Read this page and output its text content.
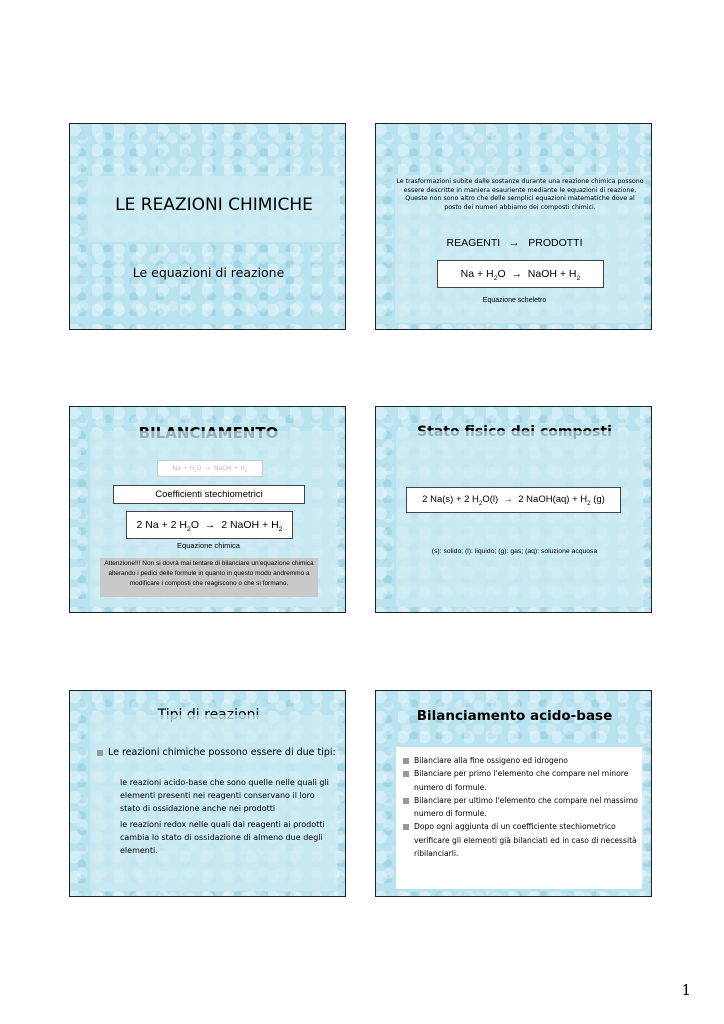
LE REAZIONI CHIMICHE
Le equazioni di reazione
Le trasformazioni subite dalle sostanze durante una reazione chimica possono essere descritte in maniera esauriente mediante le equazioni di reazione. Queste non sono altro che delle semplici equazioni matematiche dove al posto dei numeri abbiamo dei composti chimici.
REAGENTI → PRODOTTI
$Na + H_2O$ → NaOH + $H_2$
Equazione scheletro
$Na + H_2O$ → NaOH + $H_2$
Coefficienti stechiometrici
2 Na + 2 $H_2O \to 2$ NaOH + $H_2$
Equazione chimica
Attenzione!!! Non si dovrà mai tentare di bilanciare un'equazione chimica alterando i pedici delle formule in quanto in questo modo andremmo a modificare i composti che reagiscono o che si formano.
2 Na(s) + 2 $H_2O(l) \to 2$ NaOH(aq) + $H_2$ (g)
(s): solido; (l): liquido; (g): gas; (aq): soluzione acquosa
Le reazioni chimiche possono essere di due tipi:
le reazioni acido-base che sono quelle nelle quali gli elementi presenti nei reagenti conservano il loro stato di ossidazione anche nei prodotti
le reazioni redox nelle quali dai reagenti ai prodotti cambia lo stato di ossidazione di almeno due degli elementi.
Bilanciamento acido-base
Bilanciare alla fine ossigeno ed idrogeno
Bilanciare per primo l'elemento che compare nel minore numero di formule.
Bilanciare per ultimo l'elemento che compare nel massimo numero di formule.
Dopo ogni aggiunta di un coefficiente stechiometrico verificare gli elementi già bilanciati ed in caso di necessità ribilanciarli.
1
